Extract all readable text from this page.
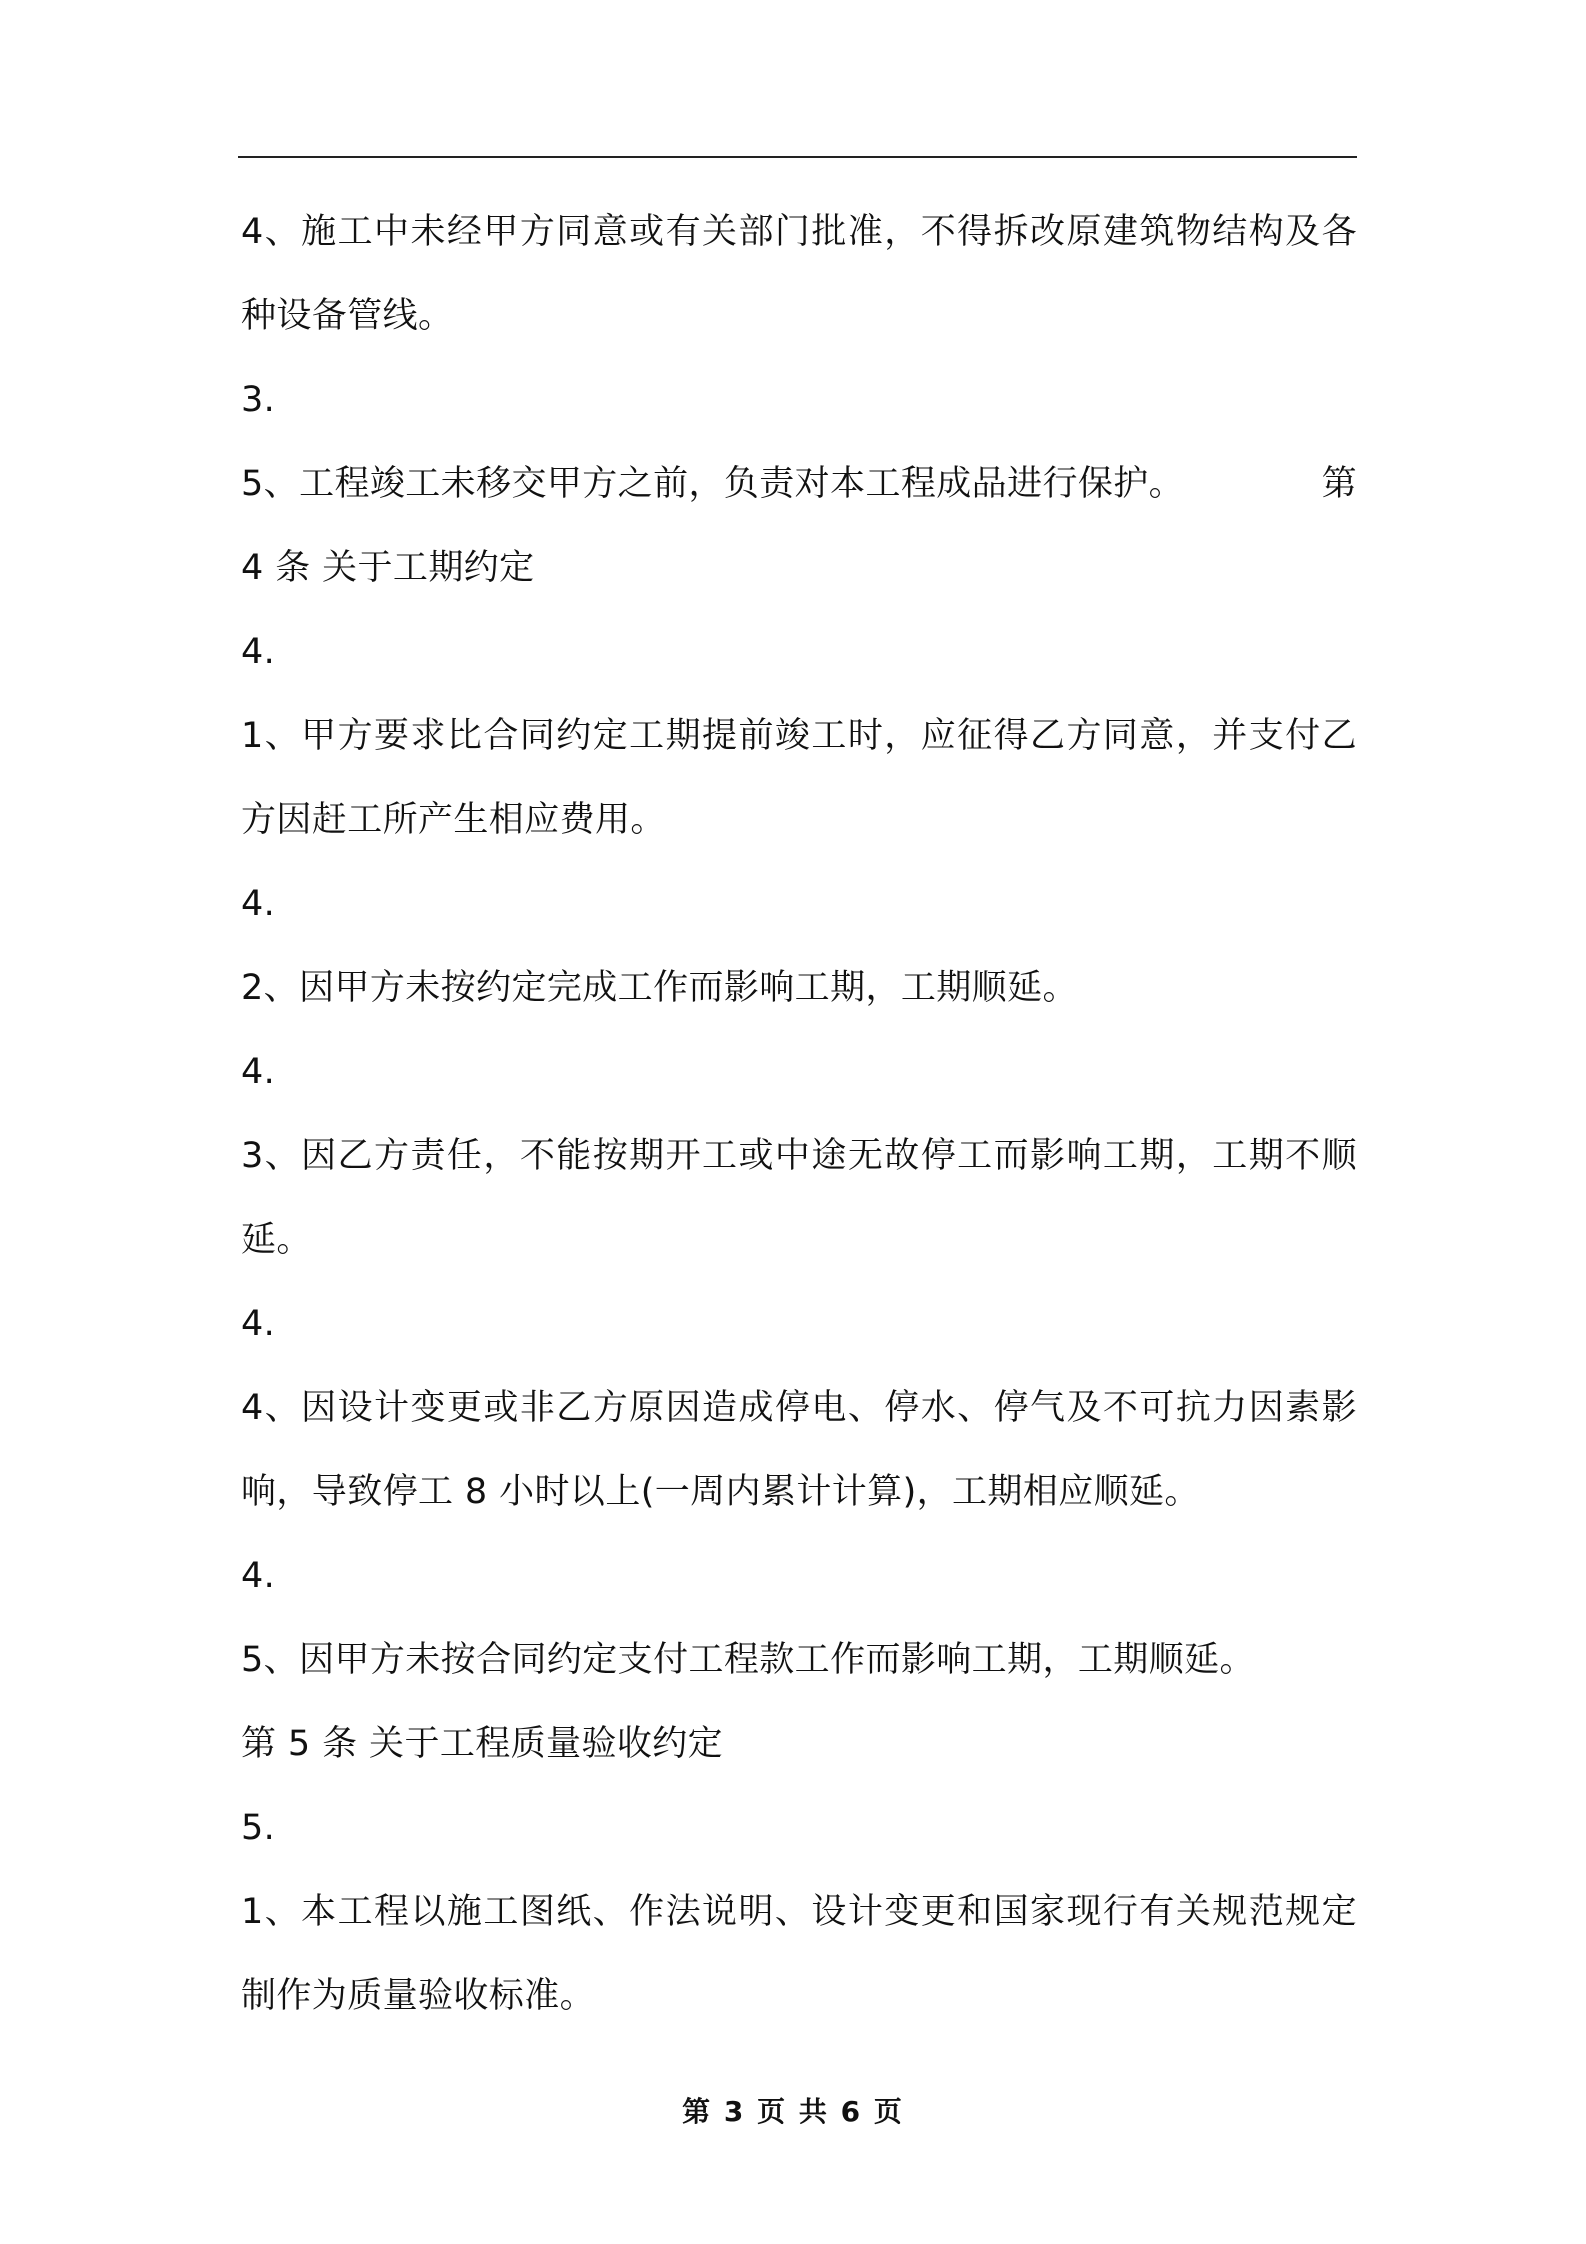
4、施工中未经甲方同意或有关部门批准，不得拆改原建筑物结构及各种设备管线。

3.

5、工程竣工未移交甲方之前，负责对本工程成品进行保护。	第

4 条 关于工期约定

4.

1、甲方要求比合同约定工期提前竣工时，应征得乙方同意，并支付乙方因赶工所产生相应费用。

4.

2、因甲方未按约定完成工作而影响工期，工期顺延。

4.

3、因乙方责任，不能按期开工或中途无故停工而影响工期，工期不顺延。

4.

4、因设计变更或非乙方原因造成停电、停水、停气及不可抗力因素影响，导致停工 8 小时以上(一周内累计计算)，工期相应顺延。

4.

5、因甲方未按合同约定支付工程款工作而影响工期，工期顺延。

第 5 条 关于工程质量验收约定

5.

1、本工程以施工图纸、作法说明、设计变更和国家现行有关规范规定制作为质量验收标准。

第 3 页 共 6 页
